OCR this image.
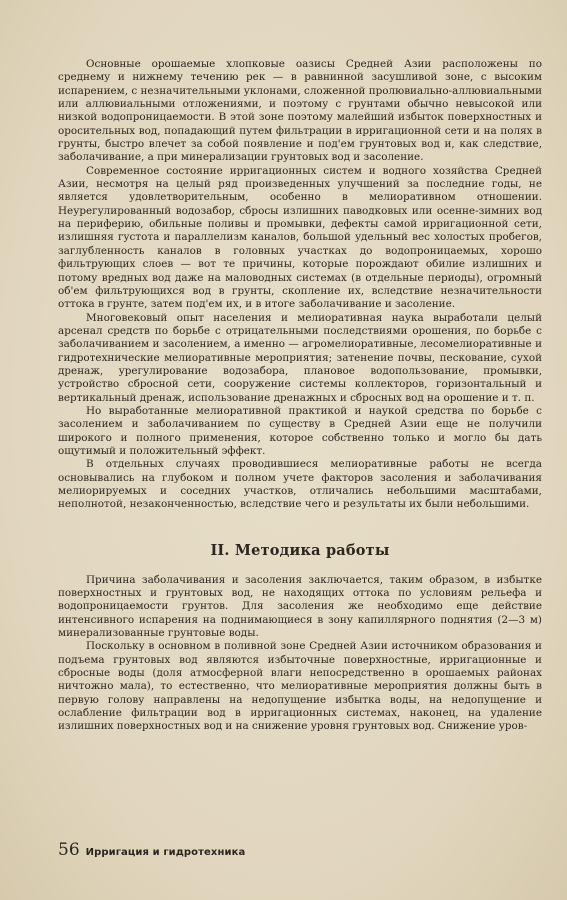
Основные орошаемые хлопковые оазисы Средней Азии расположены по среднему и нижнему течению рек — в равнинной засушливой зоне, с высоким испарением, с незначительными уклонами, сложенной пролювиально-аллювиальными или аллювиальными отложениями, и поэтому с грунтами обычно невысокой или низкой водопроницаемости. В этой зоне поэтому малейший избыток поверхностных и оросительных вод, попадающий путем фильтрации в ирригационной сети и на полях в грунты, быстро влечет за собой появление и под'ем грунтовых вод и, как следствие, заболачивание, а при минерализации грунтовых вод и засоление.

Современное состояние ирригационных систем и водного хозяйства Средней Азии, несмотря на целый ряд произведенных улучшений за последние годы, не является удовлетворительным, особенно в мелиоративном отношении. Неурегулированный водозабор, сбросы излишних паводковых или осенне-зимних вод на периферию, обильные поливы и промывки, дефекты самой ирригационной сети, излишняя густота и параллелизм каналов, большой удельный вес холостых пробегов, заглубленность каналов в головных участках до водопроницаемых, хорошо фильтрующих слоев — вот те причины, которые порождают обилие излишних и потому вредных вод даже на маловодных системах (в отдельные периоды), огромный об'ем фильтрующихся вод в грунты, скопление их, вследствие незначительности оттока в грунте, затем под'ем их, и в итоге заболачивание и засоление.

Многовековый опыт населения и мелиоративная наука выработали целый арсенал средств по борьбе с отрицательными последствиями орошения, по борьбе с заболачиванием и засолением, а именно — агромелиоративные, лесомелиоративные и гидротехнические мелиоративные мероприятия; затенение почвы, пескование, сухой дренаж, урегулирование водозабора, плановое водопользование, промывки, устройство сбросной сети, сооружение системы коллекторов, горизонтальный и вертикальный дренаж, использование дренажных и сбросных вод на орошение и т. п.

Но выработанные мелиоративной практикой и наукой средства по борьбе с засолением и заболачиванием по существу в Средней Азии еще не получили широкого и полного применения, которое собственно только и могло бы дать ощутимый и положительный эффект.

В отдельных случаях проводившиеся мелиоративные работы не всегда основывались на глубоком и полном учете факторов засоления и заболачивания мелиорируемых и соседних участков, отличались небольшими масштабами, неполнотой, незаконченностью, вследствие чего и результаты их были небольшими.

II. Методика работы

Причина заболачивания и засоления заключается, таким образом, в избытке поверхностных и грунтовых вод, не находящих оттока по условиям рельефа и водопроницаемости грунтов. Для засоления же необходимо еще действие интенсивного испарения на поднимающиеся в зону капиллярного поднятия (2—3 м) минерализованные грунтовые воды.

Поскольку в основном в поливной зоне Средней Азии источником образования и подъема грунтовых вод являются избыточные поверхностные, ирригационные и сбросные воды (доля атмосферной влаги непосредственно в орошаемых районах ничтожно мала), то естественно, что мелиоративные мероприятия должны быть в первую голову направлены на недопущение избытка воды, на недопущение и ослабление фильтрации вод в ирригационных системах, наконец, на удаление излишних поверхностных вод и на снижение уровня грунтовых вод. Снижение уров-

56 Ирригация и гидротехника
